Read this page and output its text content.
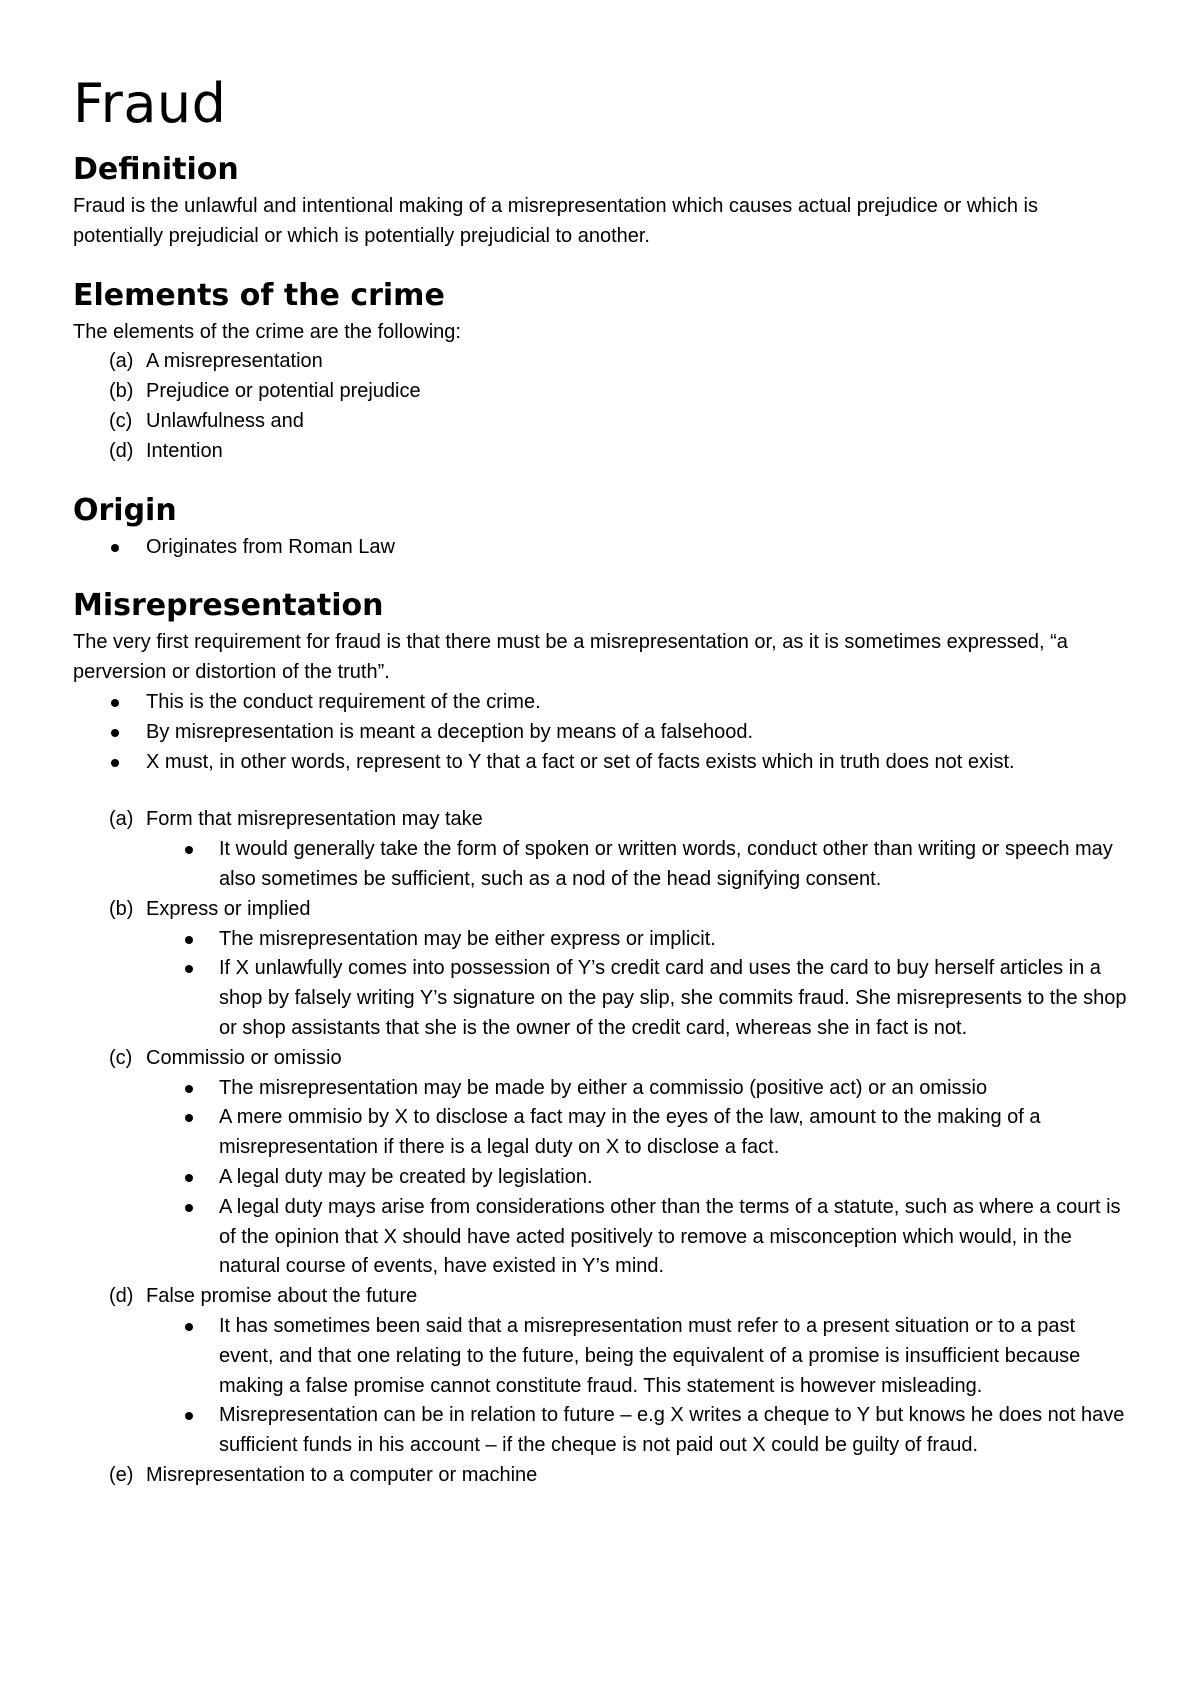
Fraud
Definition

Fraud is the unlawful and intentional making of a misrepresentation which causes actual prejudice or which is potentially prejudicial or which is potentially prejudicial to another.

Elements of the crime

The elements of the crime are the following:

(a) A misrepresentation
(b) Prejudice or potential prejudice
(c) Unlawfulness and
(d) Intention
Origin
Originates from Roman Law
Misrepresentation

The very first requirement for fraud is that there must be a misrepresentation or, as it is sometimes expressed, “a perversion or distortion of the truth”.

This is the conduct requirement of the crime.
By misrepresentation is meant a deception by means of a falsehood.
X must, in other words, represent to Y that a fact or set of facts exists which in truth does not exist.
(a) Form that misrepresentation may take
It would generally take the form of spoken or written words, conduct other than writing or speech may also sometimes be sufficient, such as a nod of the head signifying consent.
(b) Express or implied
The misrepresentation may be either express or implicit.
If X unlawfully comes into possession of Y’s credit card and uses the card to buy herself articles in a shop by falsely writing Y’s signature on the pay slip, she commits fraud. She misrepresents to the shop or shop assistants that she is the owner of the credit card, whereas she in fact is not.
(c) Commissio or omissio
The misrepresentation may be made by either a commissio (positive act) or an omissio
A mere ommisio by X to disclose a fact may in the eyes of the law, amount to the making of a misrepresentation if there is a legal duty on X to disclose a fact.
A legal duty may be created by legislation.
A legal duty mays arise from considerations other than the terms of a statute, such as where a court is of the opinion that X should have acted positively to remove a misconception which would, in the natural course of events, have existed in Y’s mind.
(d) False promise about the future
It has sometimes been said that a misrepresentation must refer to a present situation or to a past event, and that one relating to the future, being the equivalent of a promise is insufficient because making a false promise cannot constitute fraud. This statement is however misleading.
Misrepresentation can be in relation to future – e.g X writes a cheque to Y but knows he does not have sufficient funds in his account – if the cheque is not paid out X could be guilty of fraud.
(e) Misrepresentation to a computer or machine
